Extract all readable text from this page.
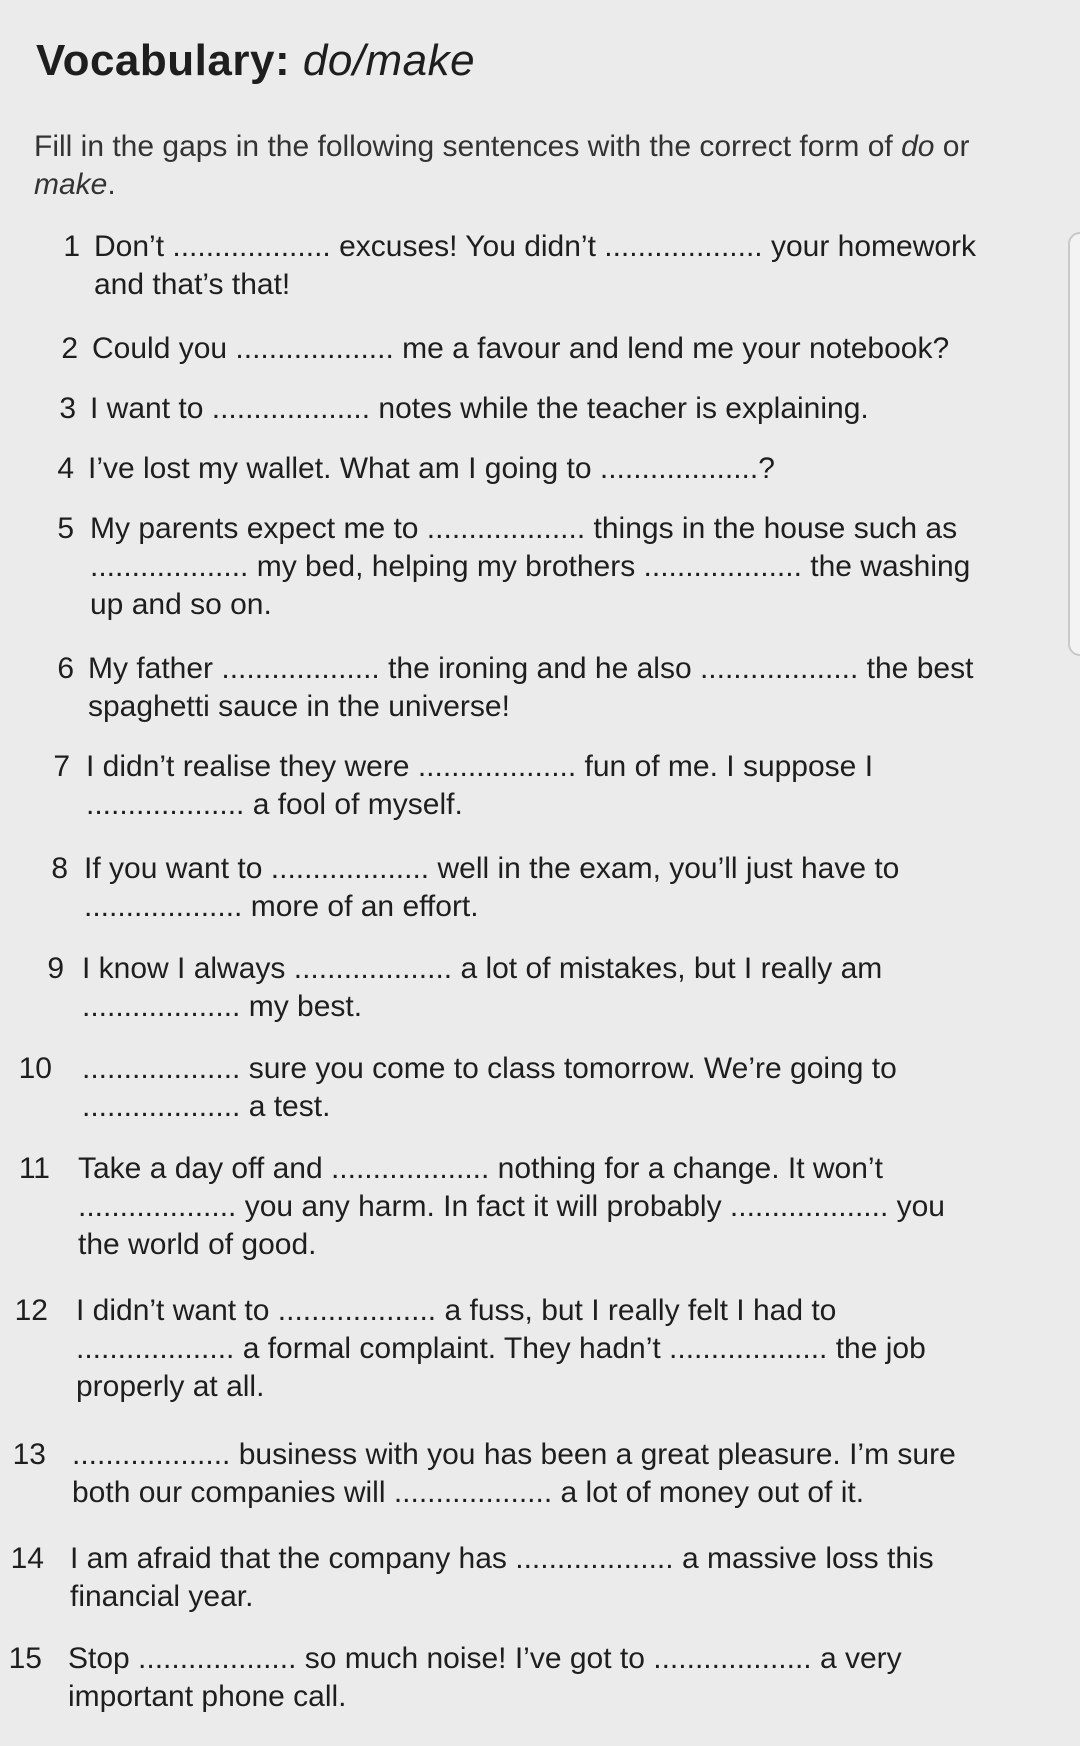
Vocabulary: do/make
Fill in the gaps in the following sentences with the correct form of do or
make.
1 Don’t ................... excuses! You didn’t ................... your homework
and that’s that!
2 Could you ................... me a favour and lend me your notebook?
3 I want to ................... notes while the teacher is explaining.
4 I’ve lost my wallet. What am I going to ...................?
5 My parents expect me to ................... things in the house such as
................... my bed, helping my brothers ................... the washing
up and so on.
6 My father ................... the ironing and he also ................... the best
spaghetti sauce in the universe!
7 I didn’t realise they were ................... fun of me. I suppose I
................... a fool of myself.
8 If you want to ................... well in the exam, you’ll just have to
................... more of an effort.
9 I know I always ................... a lot of mistakes, but I really am
................... my best.
10 ................... sure you come to class tomorrow. We’re going to
................... a test.
11 Take a day off and ................... nothing for a change. It won’t
................... you any harm. In fact it will probably ................... you
the world of good.
12 I didn’t want to ................... a fuss, but I really felt I had to
................... a formal complaint. They hadn’t ................... the job
properly at all.
13 ................... business with you has been a great pleasure. I’m sure
both our companies will ................... a lot of money out of it.
14 I am afraid that the company has ................... a massive loss this
financial year.
15 Stop ................... so much noise! I’ve got to ................... a very
important phone call.
